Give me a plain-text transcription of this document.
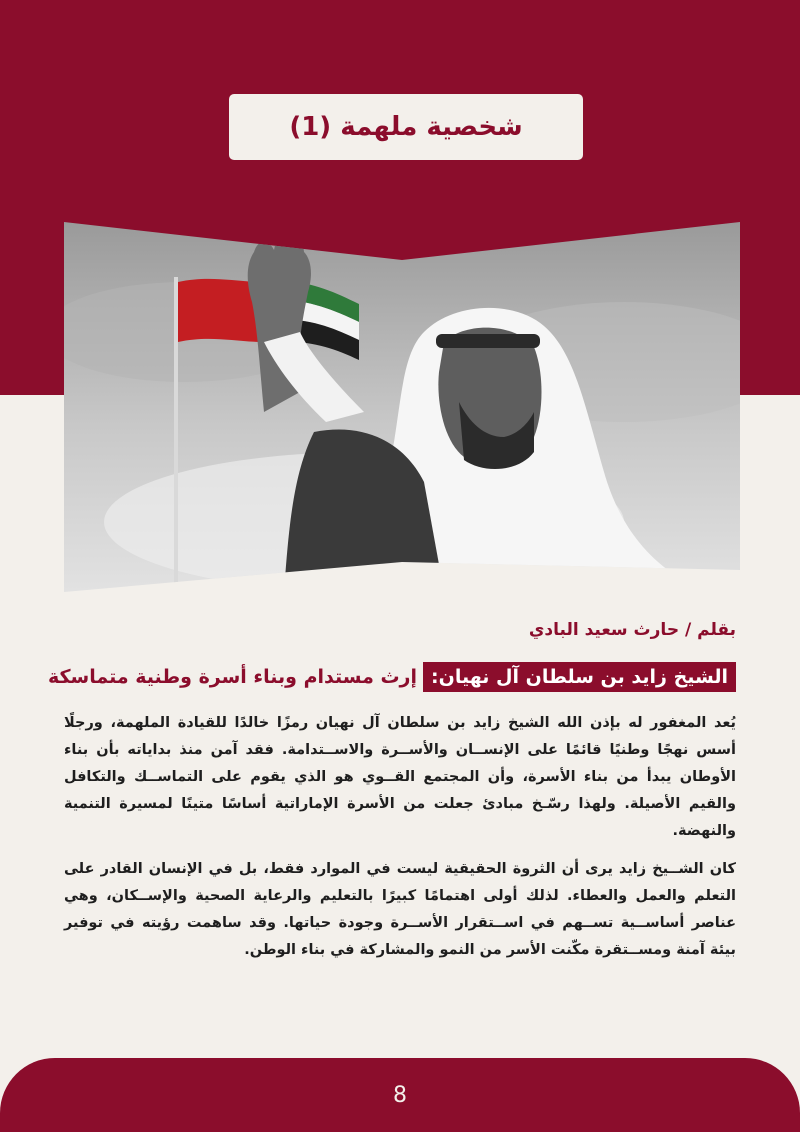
شخصية ملهمة (1)
بقلم / حارث سعيد البادي
الشيخ زايد بن سلطان آل نهيان:
إرث مستدام وبناء أسرة وطنية متماسكة

يُعد المغفور له بإذن الله الشيخ زايد بن سلطان آل نهيان رمزًا خالدًا للقيادة الملهمة، ورجلًا أسس نهجًا وطنيًا قائمًا على الإنســان والأســرة والاســتدامة. فقد آمن منذ بداياته بأن بناء الأوطان يبدأ من بناء الأسرة، وأن المجتمع القــوي هو الذي يقوم على التماســك والتكافل والقيم الأصيلة. ولهذا رسّـخ مبادئ جعلت من الأسرة الإماراتية أساسًا متينًا لمسيرة التنمية والنهضة.

كان الشــيخ زايد يرى أن الثروة الحقيقية ليست في الموارد فقط، بل في الإنسان القادر على التعلم والعمل والعطاء. لذلك أولى اهتمامًا كبيرًا بالتعليم والرعاية الصحية والإســكان، وهي عناصر أساســية تســهم في اســتقرار الأســرة وجودة حياتها. وقد ساهمت رؤيته في توفير بيئة آمنة ومســتقرة مكّنت الأسر من النمو والمشاركة في بناء الوطن.

8
